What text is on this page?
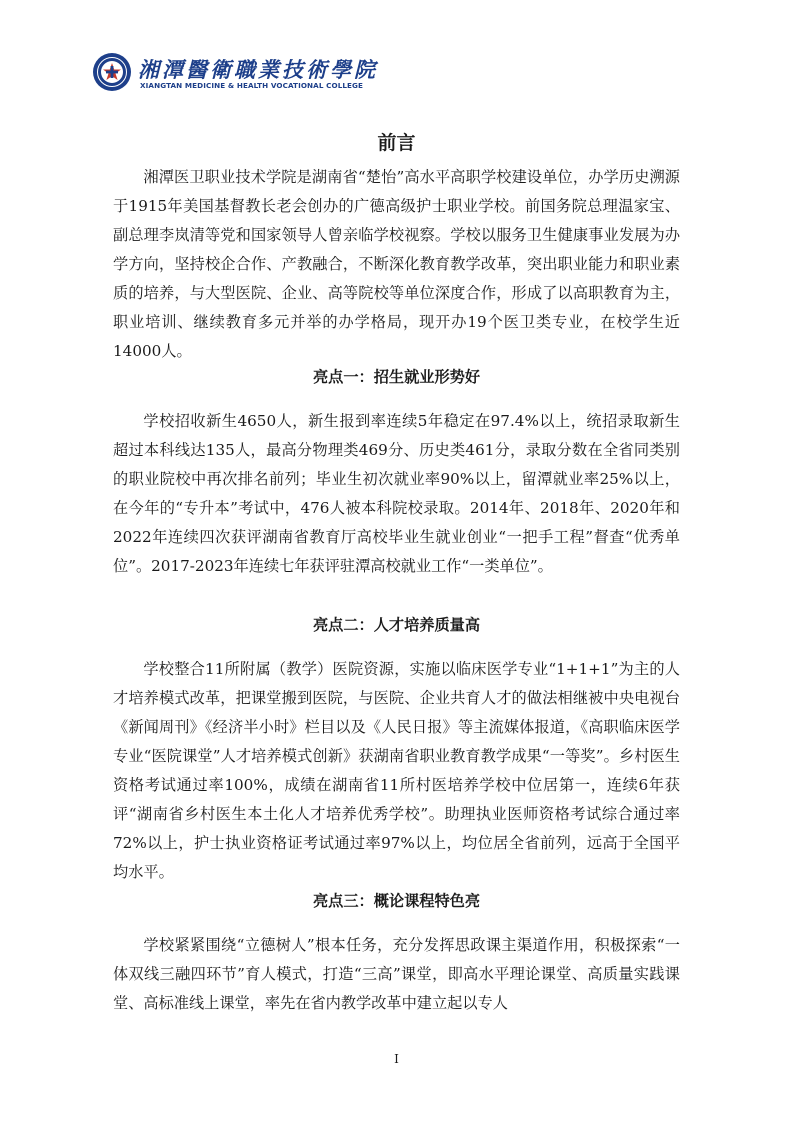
湘潭醫衛職業技術學院
XIANGTAN MEDICINE & HEALTH VOCATIONAL COLLEGE
前言

湘潭医卫职业技术学院是湖南省“楚怡”高水平高职学校建设单位，办学历史溯源于1915年美国基督教长老会创办的广德高级护士职业学校。前国务院总理温家宝、副总理李岚清等党和国家领导人曾亲临学校视察。学校以服务卫生健康事业发展为办学方向，坚持校企合作、产教融合，不断深化教育教学改革，突出职业能力和职业素质的培养，与大型医院、企业、高等院校等单位深度合作，形成了以高职教育为主，职业培训、继续教育多元并举的办学格局，现开办19个医卫类专业，在校学生近14000人。

亮点一：招生就业形势好

学校招收新生4650人，新生报到率连续5年稳定在97.4%以上，统招录取新生超过本科线达135人，最高分物理类469分、历史类461分，录取分数在全省同类别的职业院校中再次排名前列；毕业生初次就业率90%以上，留潭就业率25%以上，在今年的“专升本”考试中，476人被本科院校录取。2014年、2018年、2020年和2022年连续四次获评湖南省教育厅高校毕业生就业创业“一把手工程”督查“优秀单位”。2017-2023年连续七年获评驻潭高校就业工作“一类单位”。

亮点二：人才培养质量高

学校整合11所附属（教学）医院资源，实施以临床医学专业“1+1+1”为主的人才培养模式改革，把课堂搬到医院，与医院、企业共育人才的做法相继被中央电视台《新闻周刊》《经济半小时》栏目以及《人民日报》等主流媒体报道，《高职临床医学专业“医院课堂”人才培养模式创新》获湖南省职业教育教学成果“一等奖”。乡村医生资格考试通过率100%，成绩在湖南省11所村医培养学校中位居第一，连续6年获评“湖南省乡村医生本土化人才培养优秀学校”。助理执业医师资格考试综合通过率72%以上，护士执业资格证考试通过率97%以上，均位居全省前列，远高于全国平均水平。

亮点三：概论课程特色亮

学校紧紧围绕“立德树人”根本任务，充分发挥思政课主渠道作用，积极探索“一体双线三融四环节”育人模式，打造“三高”课堂，即高水平理论课堂、高质量实践课堂、高标准线上课堂，率先在省内教学改革中建立起以专人

I
